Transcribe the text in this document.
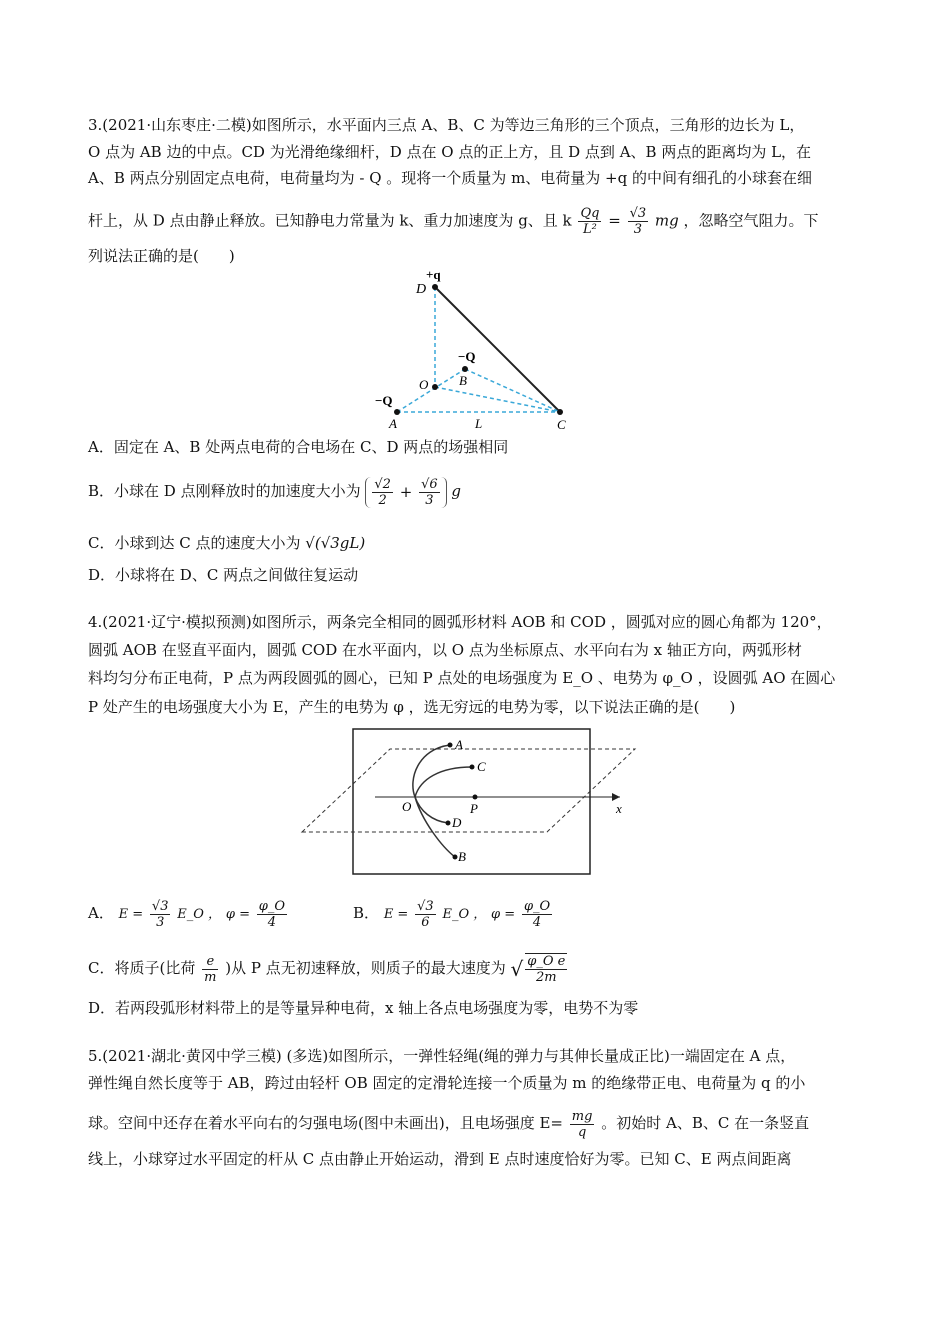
3.(2021·山东枣庄·二模)如图所示，水平面内三点 A、B、C 为等边三角形的三个顶点，三角形的边长为 L，
O 点为 AB 边的中点。CD 为光滑绝缘细杆，D 点在 O 点的正上方，且 D 点到 A、B 两点的距离均为 L，在
A、B 两点分别固定点电荷，电荷量均为 - Q 。现将一个质量为 m、电荷量为 +q 的中间有细孔的小球套在细
杆上，从 D 点由静止释放。已知静电力常量为 k、重力加速度为 g、且 k $\frac{Qq}{\text{L²}} = \frac{√3}{3}$ mg ，忽略空气阻力。下
列说法正确的是(　　)
+q
D
−Q
B
O
−Q
A	L	C
A．固定在 A、B 处两点电荷的合电场在 C、D 两点的场强相同
B．小球在 D 点刚释放时的加速度大小为 $\frac{√2}{2} + \frac{√6}{3}$ g
C．小球到达 C 点的速度大小为 √(√3gL)
D．小球将在 D、C 两点之间做往复运动
4.(2021·辽宁·模拟预测)如图所示，两条完全相同的圆弧形材料 AOB 和 COD ，圆弧对应的圆心角都为 120°，
圆弧 AOB 在竖直平面内，圆弧 COD 在水平面内，以 O 点为坐标原点、水平向右为 x 轴正方向，两弧形材
料均匀分布正电荷，P 点为两段圆弧的圆心，已知 P 点处的电场强度为 E_O 、电势为 φ_O ，设圆弧 AO 在圆心
P 处产生的电场强度大小为 E，产生的电势为 φ ，选无穷远的电势为零，以下说法正确的是(　　)
A
C
O	P	x
D
B
A． $E = \frac{√3}{3}$ E_O ， $\varphi = \frac{\varphi\_O}{4}$	B． $E = \frac{√3}{6}$ E_O ， $\varphi = \frac{\varphi\_O}{4}$
C．将质子(比荷 $\frac{e}{m}$ )从 P 点无初速释放，则质子的最大速度为 √ $\frac{\text{φ\_O e}}{2m}$
D．若两段弧形材料带上的是等量异种电荷，x 轴上各点电场强度为零，电势不为零
5.(2021·湖北·黄冈中学三模) (多选)如图所示，一弹性轻绳(绳的弹力与其伸长量成正比)一端固定在 A 点，
弹性绳自然长度等于 AB，跨过由轻杆 OB 固定的定滑轮连接一个质量为 m 的绝缘带正电、电荷量为 q 的小
球。空间中还存在着水平向右的匀强电场(图中未画出)，且电场强度 $E= \frac{mg}{q}$ 。初始时 A、B、C 在一条竖直
线上，小球穿过水平固定的杆从 C 点由静止开始运动，滑到 E 点时速度恰好为零。已知 C、E 两点间距离
